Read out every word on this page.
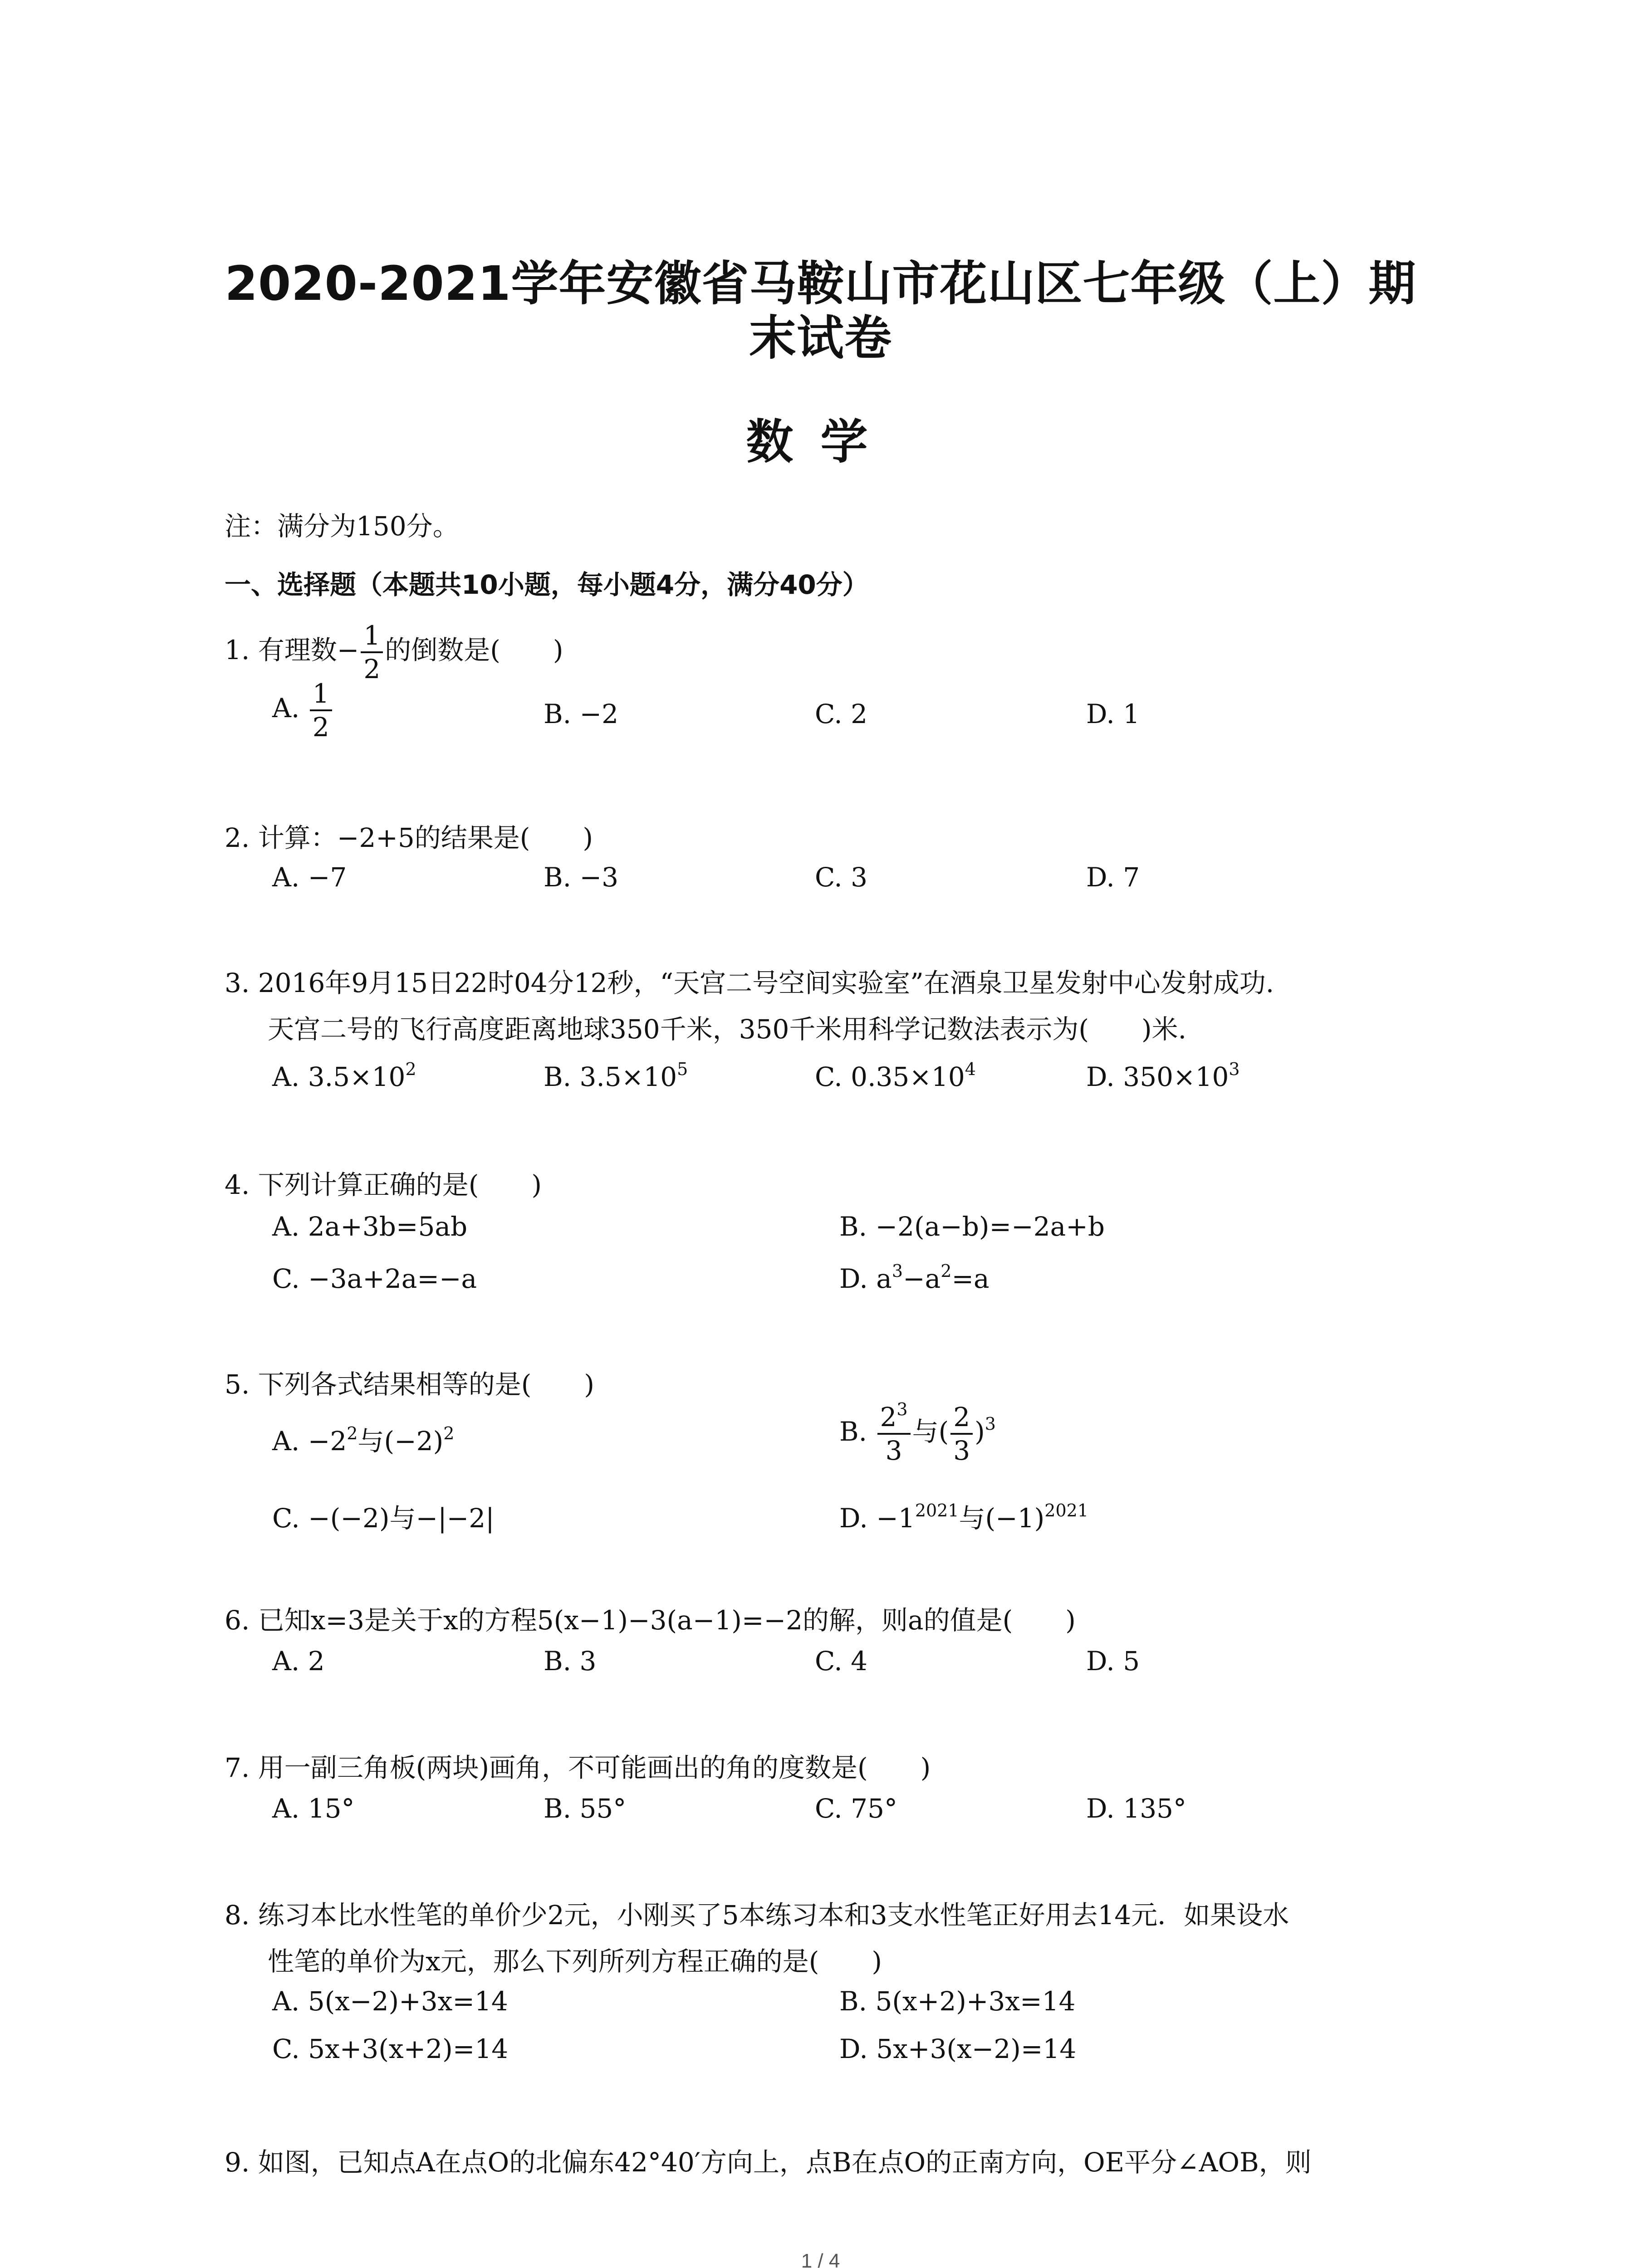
2020-2021学年安徽省马鞍山市花山区七年级（上）期
末试卷
数学
注：满分为150分。
一、选择题（本题共10小题，每小题4分，满分40分）
1. 有理数− $\frac{1}{2}$ 的倒数是(　　)
A. $\frac{1}{2}$	B. −2	C. 2	D. 1
2. 计算：−2+5的结果是(　　)
A. −7	B. −3	C. 3	D. 7
3. 2016年9月15日22时04分12秒，“天宫二号空间实验室”在酒泉卫星发射中心发射成功.
天宫二号的飞行高度距离地球350千米，350千米用科学记数法表示为(　　)米.
A. $3.5\times 10^2$	B. $3.5\times 10^5$	C. $0.35\times 10^4$	D. $350\times 10^3$
4. 下列计算正确的是(　　)
A. 2a+3b=5ab	B. −2(a−b)=−2a+b
C. −3a+2a=−a	D. $a^3-a^2=a$
5. 下列各式结果相等的是(　　)
A. $-2^2$与$(-2)^2$	B. $\frac{2^3}{3}$ 与( $\frac{2}{3} )^3$
C. −(−2)与−|−2|	D. $-1^{2021}$与$(-1)^{2021}$
6. 已知x=3是关于x的方程5(x−1)−3(a−1)=−2的解，则a的值是(　　)
A. 2	B. 3	C. 4	D. 5
7. 用一副三角板(两块)画角，不可能画出的角的度数是(　　)
A. 15°	B. 55°	C. 75°	D. 135°
8. 练习本比水性笔的单价少2元，小刚买了5本练习本和3支水性笔正好用去14元．如果设水
性笔的单价为x元，那么下列所列方程正确的是(　　)
A. 5(x−2)+3x=14	B. 5(x+2)+3x=14
C. 5x+3(x+2)=14	D. 5x+3(x−2)=14
9. 如图，已知点A在点O的北偏东42°40′方向上，点B在点O的正南方向，OE平分∠AOB，则
1 / 4
